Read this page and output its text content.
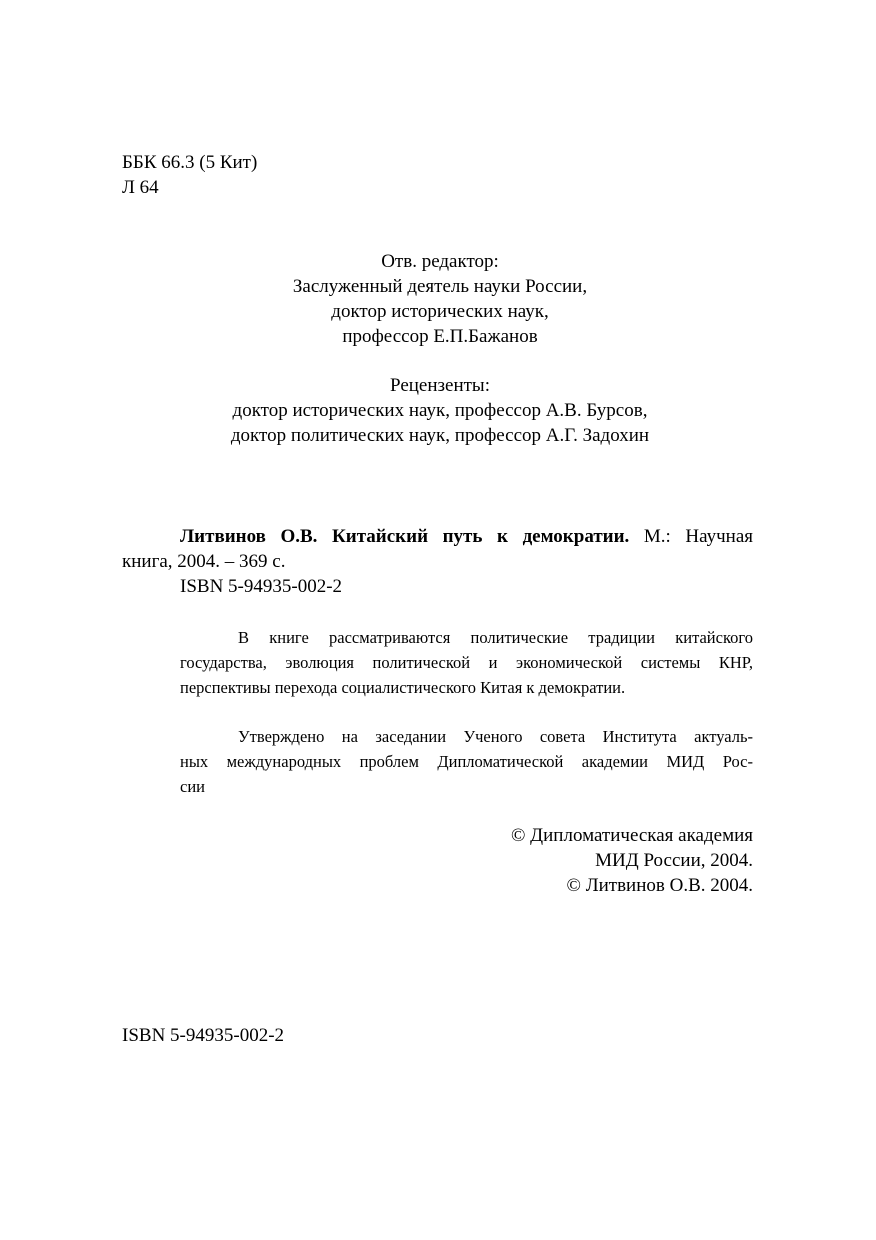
ББК 66.3 (5 Кит)
Л 64
Отв. редактор:
Заслуженный деятель науки России,
доктор исторических наук,
профессор Е.П.Бажанов
Рецензенты:
доктор исторических наук, профессор А.В. Бурсов,
доктор политических наук, профессор А.Г. Задохин
Литвинов О.В. Китайский путь к демократии. М.: Научная
книга, 2004. – 369 с.
ISBN 5-94935-002-2
В книге рассматриваются политические традиции китайского
государства, эволюция политической и экономической системы КНР,
перспективы перехода социалистического Китая к демократии.
Утверждено на заседании Ученого совета Института актуаль-
ных международных проблем Дипломатической академии МИД Рос-
сии
© Дипломатическая академия
МИД России, 2004.
© Литвинов О.В. 2004.
ISBN 5-94935-002-2
